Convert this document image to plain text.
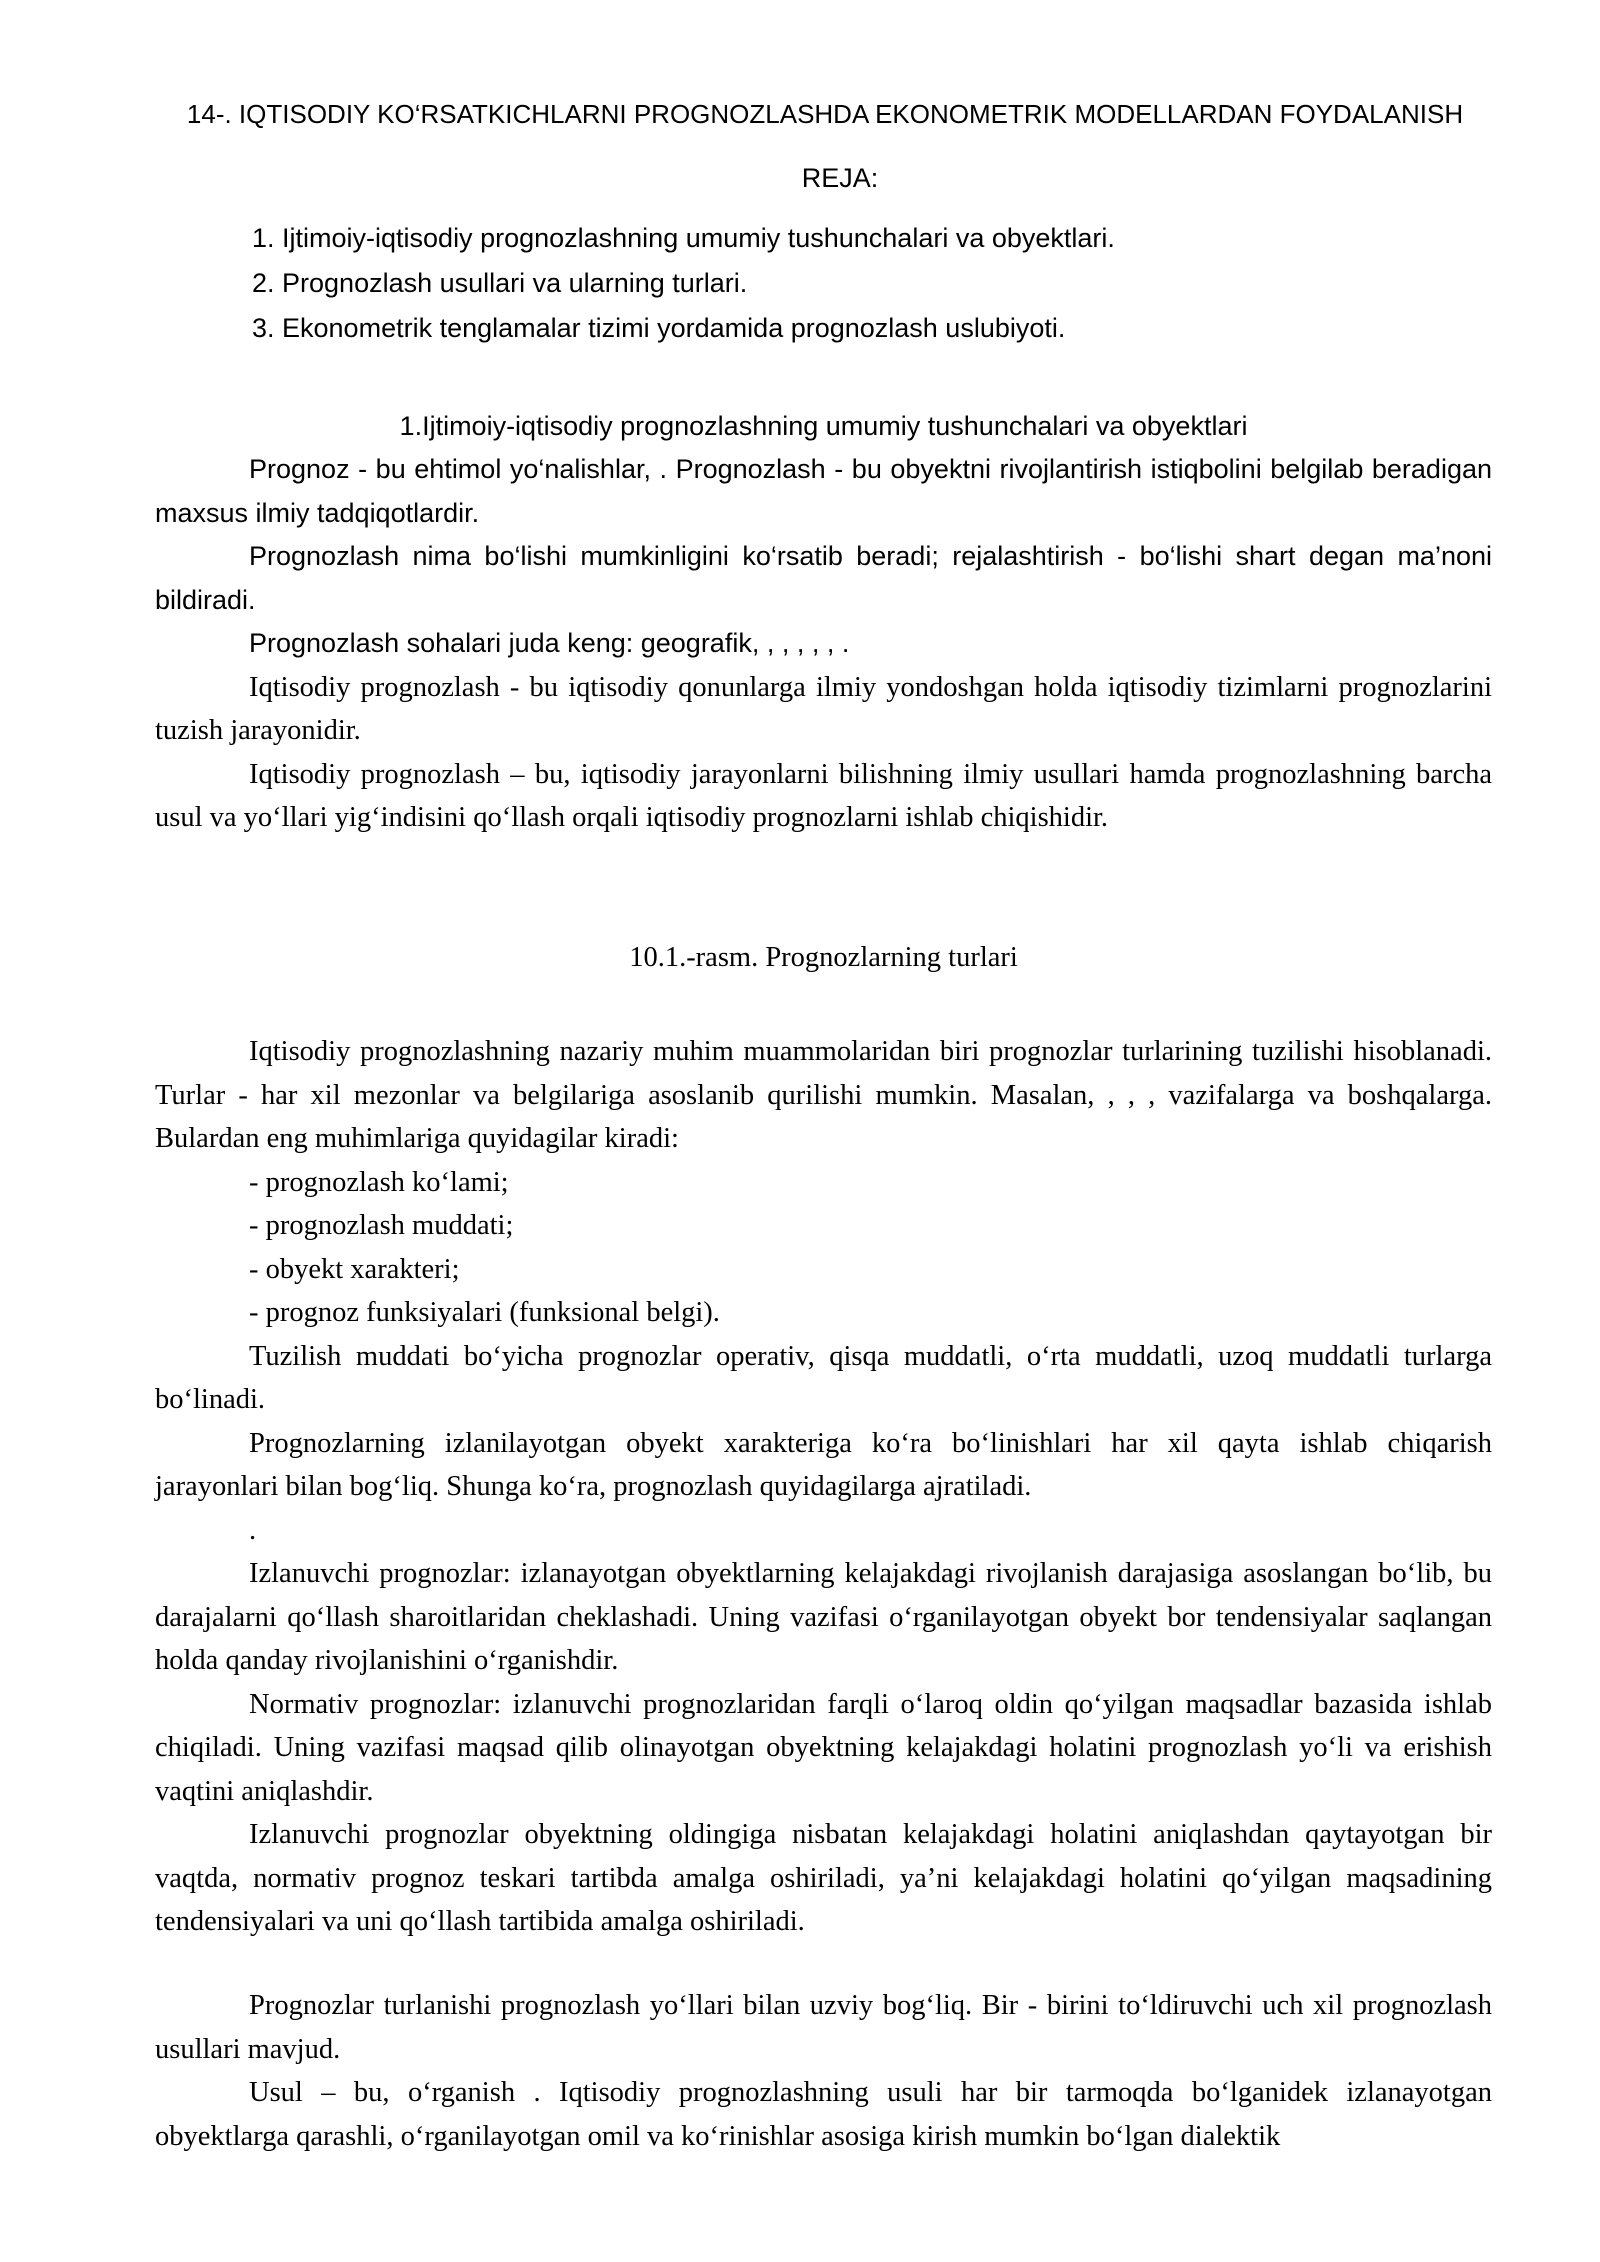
14-. IQTISODIY KO‘RSATKICHLARNI PROGNOZLASHDA EKONOMETRIK MODELLARDAN FOYDALANISH
REJA:
1. Ijtimoiy-iqtisodiy prognozlashning umumiy tushunchalari va obyektlari.
2. Prognozlash usullari va ularning turlari.
3. Ekonometrik tenglamalar tizimi yordamida prognozlash uslubiyoti.
1.Ijtimoiy-iqtisodiy prognozlashning umumiy tushunchalari va obyektlari

Prognoz - bu ehtimol yo‘nalishlar, . Prognozlash - bu obyektni rivojlantirish istiqbolini belgilab beradigan maxsus ilmiy tadqiqotlardir.

Prognozlash nima bo‘lishi mumkinligini ko‘rsatib beradi; rejalashtirish - bo‘lishi shart degan ma’noni bildiradi.

Prognozlash sohalari juda keng: geografik, , , , , , .

Iqtisodiy prognozlash - bu iqtisodiy qonunlarga ilmiy yondoshgan holda iqtisodiy tizimlarni prognozlarini tuzish jarayonidir.

Iqtisodiy prognozlash – bu, iqtisodiy jarayonlarni bilishning ilmiy usullari hamda prognozlashning barcha usul va yo‘llari yig‘indisini qo‘llash orqali iqtisodiy prognozlarni ishlab chiqishidir.

10.1.-rasm. Prognozlarning turlari

Iqtisodiy prognozlashning nazariy muhim muammolaridan biri prognozlar turlarining tuzilishi hisoblanadi. Turlar - har xil mezonlar va belgilariga asoslanib qurilishi mumkin. Masalan, , , , vazifalarga va boshqalarga. Bulardan eng muhimlariga quyidagilar kiradi:

- prognozlash ko‘lami;
- prognozlash muddati;
- obyekt xarakteri;
- prognoz funksiyalari (funksional belgi).

Tuzilish muddati bo‘yicha prognozlar operativ, qisqa muddatli, o‘rta muddatli, uzoq muddatli turlarga bo‘linadi.

Prognozlarning izlanilayotgan obyekt xarakteriga ko‘ra bo‘linishlari har xil qayta ishlab chiqarish jarayonlari bilan bog‘liq. Shunga ko‘ra, prognozlash quyidagilarga ajratiladi.

.

Izlanuvchi prognozlar: izlanayotgan obyektlarning kelajakdagi rivojlanish darajasiga asoslangan bo‘lib, bu darajalarni qo‘llash sharoitlaridan cheklashadi. Uning vazifasi o‘rganilayotgan obyekt bor tendensiyalar saqlangan holda qanday rivojlanishini o‘rganishdir.

Normativ prognozlar: izlanuvchi prognozlaridan farqli o‘laroq oldin qo‘yilgan maqsadlar bazasida ishlab chiqiladi. Uning vazifasi maqsad qilib olinayotgan obyektning kelajakdagi holatini prognozlash yo‘li va erishish vaqtini aniqlashdir.

Izlanuvchi prognozlar obyektning oldingiga nisbatan kelajakdagi holatini aniqlashdan qaytayotgan bir vaqtda, normativ prognoz teskari tartibda amalga oshiriladi, ya’ni kelajakdagi holatini qo‘yilgan maqsadining tendensiyalari va uni qo‘llash tartibida amalga oshiriladi.

Prognozlar turlanishi prognozlash yo‘llari bilan uzviy bog‘liq. Bir - birini to‘ldiruvchi uch xil prognozlash usullari mavjud.

Usul – bu, o‘rganish . Iqtisodiy prognozlashning usuli har bir tarmoqda bo‘lganidek izlanayotgan obyektlarga qarashli, o‘rganilayotgan omil va ko‘rinishlar asosiga kirish mumkin bo‘lgan dialektik
